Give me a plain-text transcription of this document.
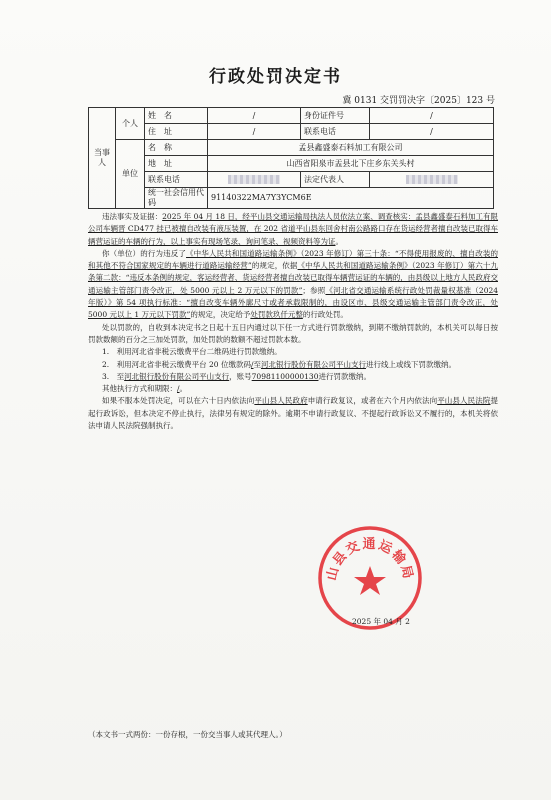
行政处罚决定书
冀 0131 交罚罚决字〔2025〕123 号
当事人	个人	姓　名	/	身份证件号	/
		住　址	/	联系电话	/
	单位	名　称	孟县鑫盛泰石料加工有限公司		
		地　址	山西省阳泉市盂县北下庄乡东关头村		
		联系电话		法定代表人	
		统一社会信用代码	91140322MA7Y3YCM6E		

违法事实及证据：2025 年 04 月 18 日，经平山县交通运输局执法人员依法立案、调查核实：孟县鑫盛泰石料加工有限公司车辆晋 CD477 挂已被擅自改装有液压装置，在 202 省道平山县东回舍村南公路路口存在货运经营者擅自改装已取得车辆营运证的车辆的行为，以上事实有现场笔录、询问笔录、视频资料等为证。

你（单位）的行为违反了《中华人民共和国道路运输条例》（2023 年修订）第三十条：“不得使用报废的、擅自改装的和其他不符合国家规定的车辆进行道路运输经营”的规定，依据《中华人民共和国道路运输条例》（2023 年修订）第六十九条第二款：“违反本条例的规定，客运经营者、货运经营者擅自改装已取得车辆营运证的车辆的，由县级以上地方人民政府交通运输主管部门责令改正，处 5000 元以上 2 万元以下的罚款”；参照《河北省交通运输系统行政处罚裁量权基准（2024 年版）》第 54 项执行标准：“擅自改变车辆外廓尺寸或者承载限制的，由设区市、县级交通运输主管部门责令改正，处 5000 元以上 1 万元以下罚款”的规定，决定给予处罚款玖仟元整的行政处罚。

处以罚款的，自收到本决定书之日起十五日内通过以下任一方式进行罚款缴纳，到期不缴纳罚款的，本机关可以每日按罚款数额的百分之三加处罚款，加处罚款的数额不超过罚款本数。

1.　利用河北省非税云缴费平台二维码进行罚款缴纳。

2.　利用河北省非税云缴费平台 20 位缴款码/至河北银行股份有限公司平山支行进行线上或线下罚款缴纳。

3.　至河北银行股份有限公司平山支行，账号70981100000130进行罚款缴纳。

其他执行方式和期限：/。

如果不服本处罚决定，可以在六十日内依法向平山县人民政府申请行政复议，或者在六个月内依法向平山县人民法院提起行政诉讼，但本决定不停止执行，法律另有规定的除外。逾期不申请行政复议、不提起行政诉讼又不履行的，本机关将依法申请人民法院强制执行。

山县交通运输局
2025 年 04 月 2
（本文书一式两份：一份存根，一份交当事人或其代理人。）
